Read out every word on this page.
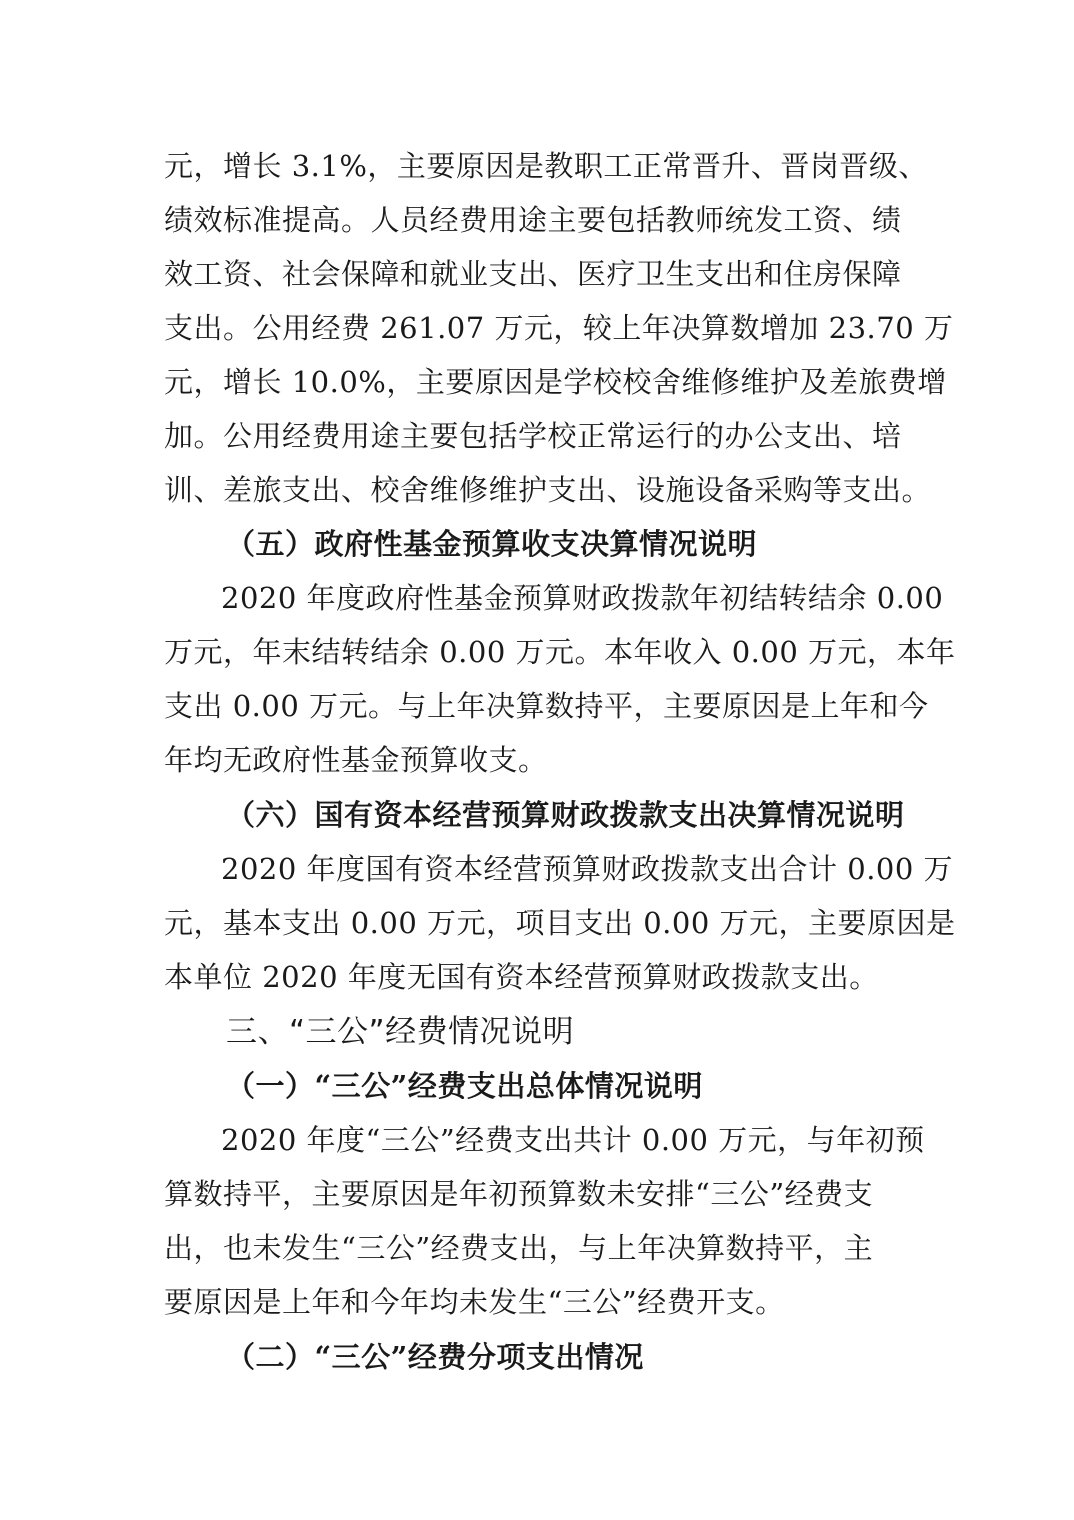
元，增长 3.1%，主要原因是教职工正常晋升、晋岗晋级、
绩效标准提高。人员经费用途主要包括教师统发工资、绩
效工资、社会保障和就业支出、医疗卫生支出和住房保障
支出。公用经费 261.07 万元，较上年决算数增加 23.70 万
元，增长 10.0%，主要原因是学校校舍维修维护及差旅费增
加。公用经费用途主要包括学校正常运行的办公支出、培
训、差旅支出、校舍维修维护支出、设施设备采购等支出。
（五）政府性基金预算收支决算情况说明
2020 年度政府性基金预算财政拨款年初结转结余 0.00
万元，年末结转结余 0.00 万元。本年收入 0.00 万元，本年
支出 0.00 万元。与上年决算数持平，主要原因是上年和今
年均无政府性基金预算收支。
（六）国有资本经营预算财政拨款支出决算情况说明
2020 年度国有资本经营预算财政拨款支出合计 0.00 万
元，基本支出 0.00 万元，项目支出 0.00 万元，主要原因是
本单位 2020 年度无国有资本经营预算财政拨款支出。
三、“三公”经费情况说明
（一）“三公”经费支出总体情况说明
2020 年度“三公”经费支出共计 0.00 万元，与年初预
算数持平，主要原因是年初预算数未安排“三公”经费支
出，也未发生“三公”经费支出，与上年决算数持平，主
要原因是上年和今年均未发生“三公”经费开支。
（二）“三公”经费分项支出情况
